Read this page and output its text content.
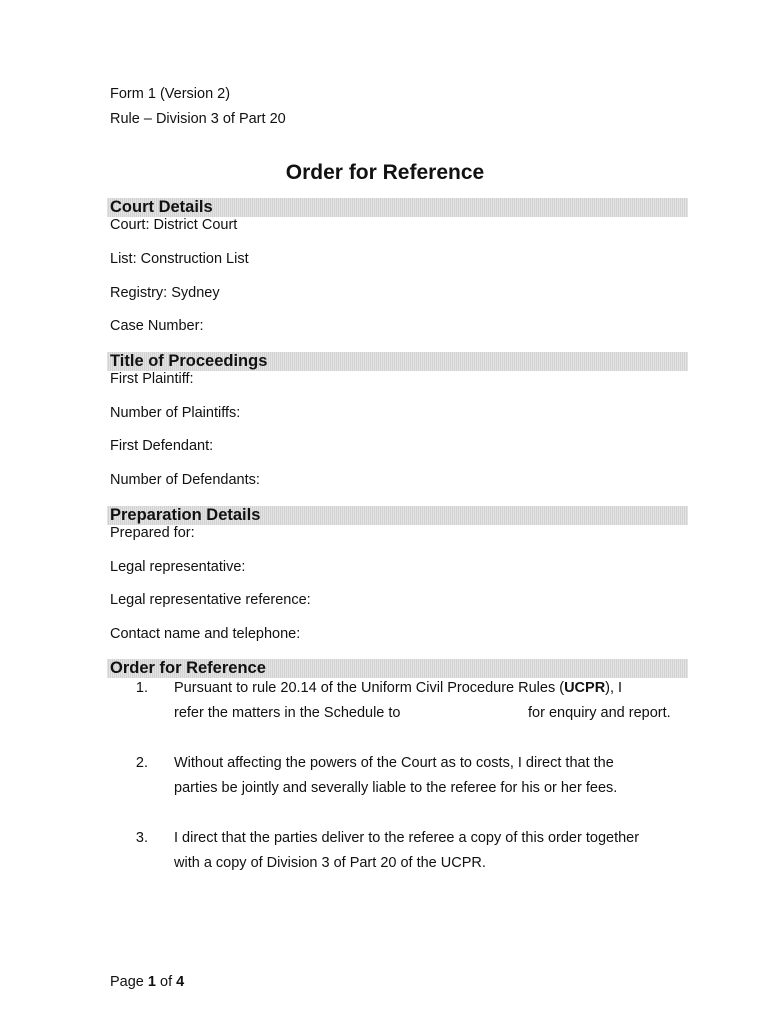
Form 1 (Version 2)
Rule – Division 3 of Part 20
Order for Reference
Court Details
Court: District Court
List: Construction List
Registry: Sydney
Case Number:
Title of Proceedings
First Plaintiff:
Number of Plaintiffs:
First Defendant:
Number of Defendants:
Preparation Details
Prepared for:
Legal representative:
Legal representative reference:
Contact name and telephone:
Order for Reference
1. Pursuant to rule 20.14 of the Uniform Civil Procedure Rules (UCPR), I
refer the matters in the Schedule to	for enquiry and report.
2. Without affecting the powers of the Court as to costs, I direct that the
parties be jointly and severally liable to the referee for his or her fees.
3. I direct that the parties deliver to the referee a copy of this order together
with a copy of Division 3 of Part 20 of the UCPR.
Page 1 of 4
